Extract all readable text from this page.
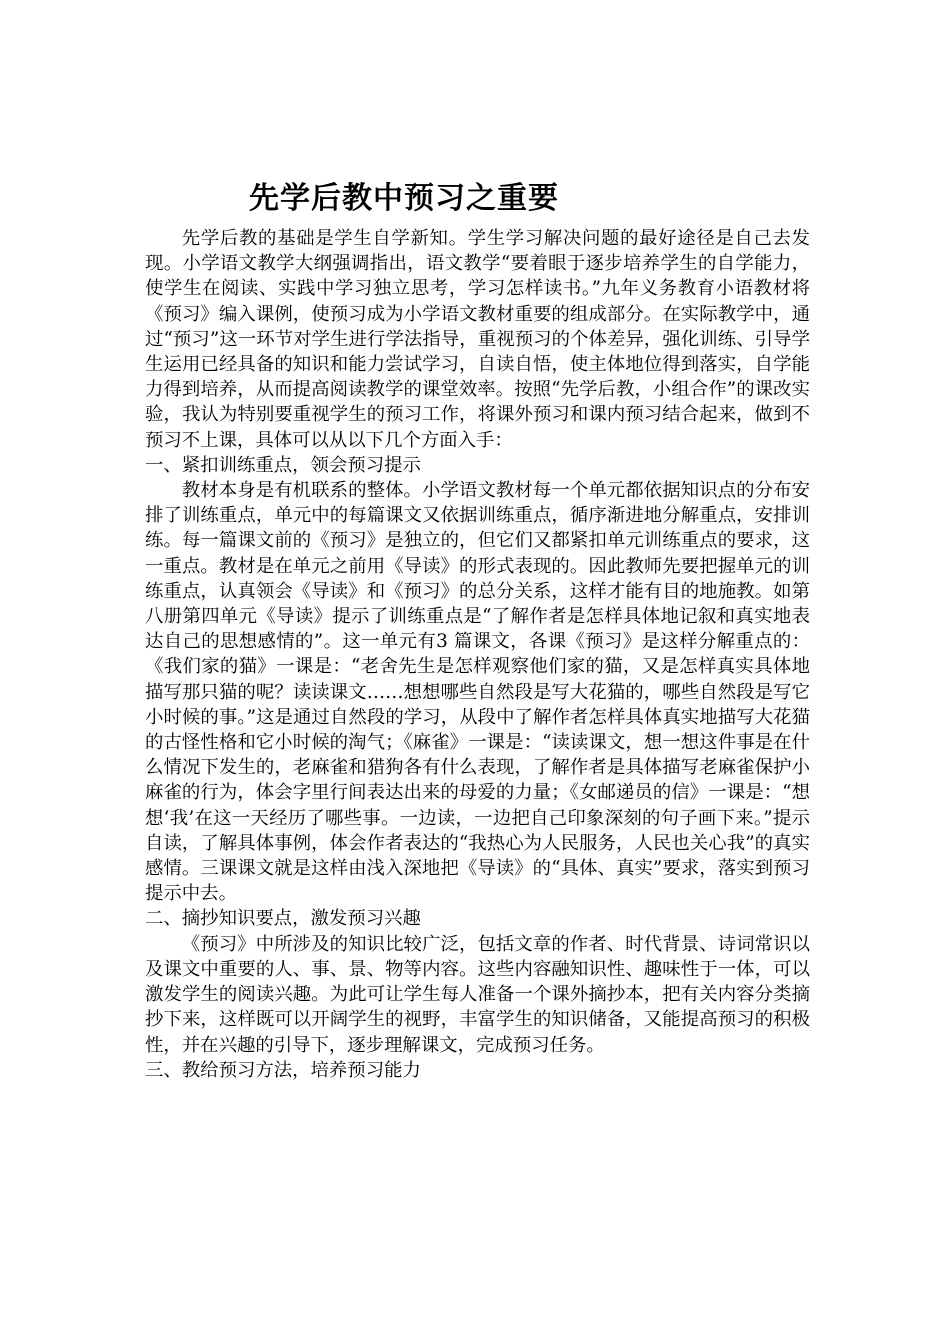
先学后教中预习之重要

先学后教的基础是学生自学新知。学生学习解决问题的最好途径是自己去发现。小学语文教学大纲强调指出，语文教学“要着眼于逐步培养学生的自学能力，使学生在阅读、实践中学习独立思考，学习怎样读书。”九年义务教育小语教材将《预习》编入课例，使预习成为小学语文教材重要的组成部分。在实际教学中，通过“预习”这一环节对学生进行学法指导，重视预习的个体差异，强化训练、引导学生运用已经具备的知识和能力尝试学习，自读自悟，使主体地位得到落实，自学能力得到培养，从而提高阅读教学的课堂效率。按照“先学后教，小组合作”的课改实验，我认为特别要重视学生的预习工作，将课外预习和课内预习结合起来，做到不预习不上课，具体可以从以下几个方面入手：

一、紧扣训练重点，领会预习提示

教材本身是有机联系的整体。小学语文教材每一个单元都依据知识点的分布安排了训练重点，单元中的每篇课文又依据训练重点，循序渐进地分解重点，安排训练。每一篇课文前的《预习》是独立的，但它们又都紧扣单元训练重点的要求，这一重点。教材是在单元之前用《导读》的形式表现的。因此教师先要把握单元的训练重点，认真领会《导读》和《预习》的总分关系，这样才能有目的地施教。如第八册第四单元《导读》提示了训练重点是“了解作者是怎样具体地记叙和真实地表达自己的思想感情的”。这一单元有3 篇课文，各课《预习》是这样分解重点的：《我们家的猫》一课是：“老舍先生是怎样观察他们家的猫，又是怎样真实具体地描写那只猫的呢？读读课文……想想哪些自然段是写大花猫的，哪些自然段是写它小时候的事。”这是通过自然段的学习，从段中了解作者怎样具体真实地描写大花猫的古怪性格和它小时候的淘气；《麻雀》一课是：“读读课文，想一想这件事是在什么情况下发生的，老麻雀和猎狗各有什么表现，了解作者是具体描写老麻雀保护小麻雀的行为，体会字里行间表达出来的母爱的力量；《女邮递员的信》一课是：“想想‘我’在这一天经历了哪些事。一边读，一边把自己印象深刻的句子画下来。”提示自读，了解具体事例，体会作者表达的“我热心为人民服务，人民也关心我”的真实感情。三课课文就是这样由浅入深地把《导读》的“具体、真实”要求，落实到预习提示中去。

二、摘抄知识要点，激发预习兴趣

《预习》中所涉及的知识比较广泛，包括文章的作者、时代背景、诗词常识以及课文中重要的人、事、景、物等内容。这些内容融知识性、趣味性于一体，可以激发学生的阅读兴趣。为此可让学生每人准备一个课外摘抄本，把有关内容分类摘抄下来，这样既可以开阔学生的视野，丰富学生的知识储备，又能提高预习的积极性，并在兴趣的引导下，逐步理解课文，完成预习任务。

三、教给预习方法，培养预习能力
